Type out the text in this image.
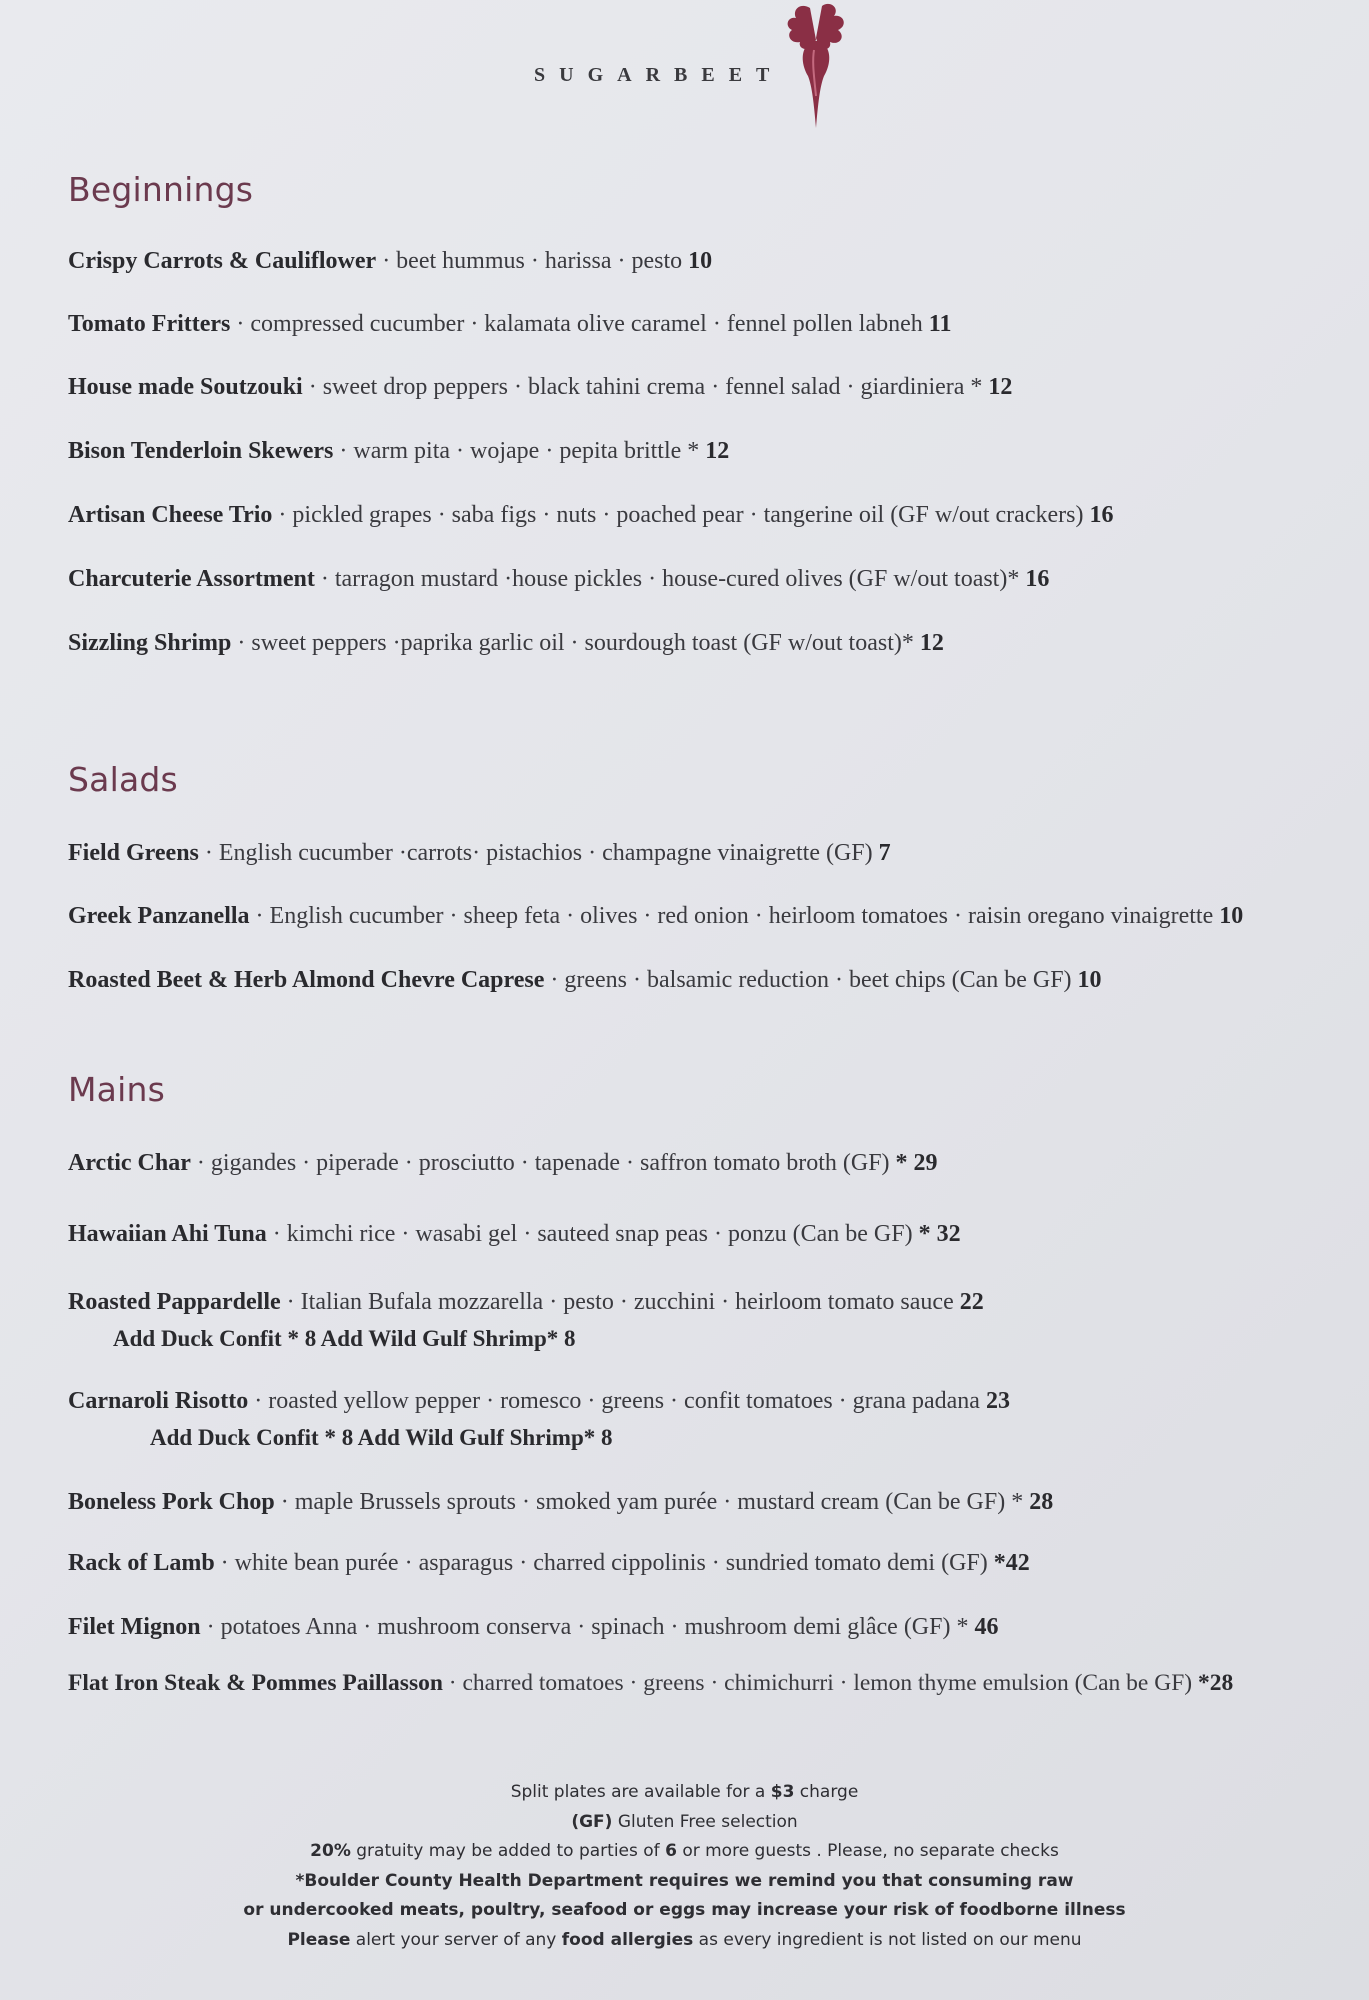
SUGARBEET
Beginnings
Crispy Carrots & Cauliflower · beet hummus · harissa · pesto 10
Tomato Fritters · compressed cucumber · kalamata olive caramel · fennel pollen labneh 11
House made Soutzouki · sweet drop peppers · black tahini crema · fennel salad · giardiniera * 12
Bison Tenderloin Skewers · warm pita · wojape · pepita brittle * 12
Artisan Cheese Trio · pickled grapes · saba figs · nuts · poached pear · tangerine oil (GF w/out crackers) 16
Charcuterie Assortment · tarragon mustard ·house pickles · house-cured olives (GF w/out toast)* 16
Sizzling Shrimp · sweet peppers ·paprika garlic oil · sourdough toast (GF w/out toast)* 12
Salads
Field Greens · English cucumber ·carrots· pistachios · champagne vinaigrette (GF) 7
Greek Panzanella · English cucumber · sheep feta · olives · red onion · heirloom tomatoes · raisin oregano vinaigrette 10
Roasted Beet & Herb Almond Chevre Caprese · greens · balsamic reduction · beet chips (Can be GF) 10
Mains
Arctic Char · gigandes · piperade · prosciutto · tapenade · saffron tomato broth (GF) * 29
Hawaiian Ahi Tuna · kimchi rice · wasabi gel · sauteed snap peas · ponzu (Can be GF) * 32
Roasted Pappardelle · Italian Bufala mozzarella · pesto · zucchini · heirloom tomato sauce 22
Add Duck Confit * 8 Add Wild Gulf Shrimp* 8
Carnaroli Risotto · roasted yellow pepper · romesco · greens · confit tomatoes · grana padana 23
Add Duck Confit * 8 Add Wild Gulf Shrimp* 8
Boneless Pork Chop · maple Brussels sprouts · smoked yam purée · mustard cream (Can be GF) * 28
Rack of Lamb · white bean purée · asparagus · charred cippolinis · sundried tomato demi (GF) *42
Filet Mignon · potatoes Anna · mushroom conserva · spinach · mushroom demi glâce (GF) * 46
Flat Iron Steak & Pommes Paillasson · charred tomatoes · greens · chimichurri · lemon thyme emulsion (Can be GF) *28
Split plates are available for a $3 charge
(GF) Gluten Free selection
20% gratuity may be added to parties of 6 or more guests . Please, no separate checks
*Boulder County Health Department requires we remind you that consuming raw
or undercooked meats, poultry, seafood or eggs may increase your risk of foodborne illness
Please alert your server of any food allergies as every ingredient is not listed on our menu
